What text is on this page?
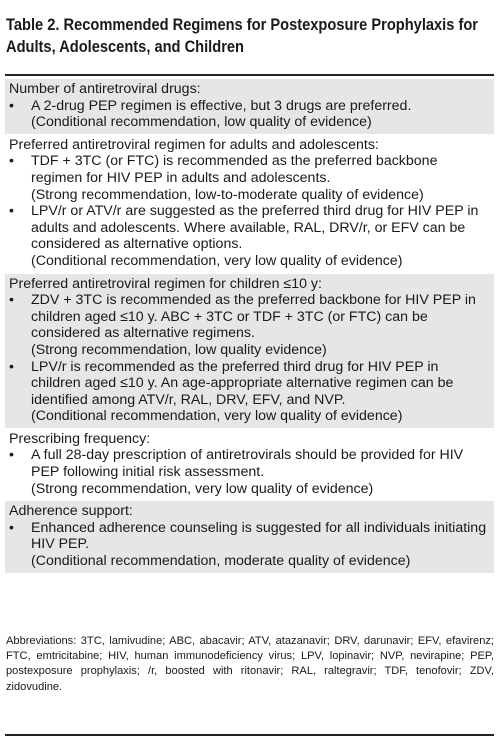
Table 2. Recommended Regimens for Postexposure Prophylaxis for Adults, Adolescents, and Children
Number of antiretroviral drugs:
•	A 2-drug PEP regimen is effective, but 3 drugs are preferred.
(Conditional recommendation, low quality of evidence)
Preferred antiretroviral regimen for adults and adolescents:
•	TDF + 3TC (or FTC) is recommended as the preferred backbone regimen for HIV PEP in adults and adolescents.
(Strong recommendation, low-to-moderate quality of evidence)
•	LPV/r or ATV/r are suggested as the preferred third drug for HIV PEP in adults and adolescents. Where available, RAL, DRV/r, or EFV can be considered as alternative options.
(Conditional recommendation, very low quality of evidence)
Preferred antiretroviral regimen for children ≤10 y:
•	ZDV + 3TC is recommended as the preferred backbone for HIV PEP in children aged ≤10 y. ABC + 3TC or TDF + 3TC (or FTC) can be considered as alternative regimens.
(Strong recommendation, low quality evidence)
•	LPV/r is recommended as the preferred third drug for HIV PEP in children aged ≤10 y. An age-appropriate alternative regimen can be identified among ATV/r, RAL, DRV, EFV, and NVP.
(Conditional recommendation, very low quality of evidence)
Prescribing frequency:
•	A full 28-day prescription of antiretrovirals should be provided for HIV PEP following initial risk assessment.
(Strong recommendation, very low quality of evidence)
Adherence support:
•	Enhanced adherence counseling is suggested for all individuals initiating HIV PEP.
(Conditional recommendation, moderate quality of evidence)
Abbreviations: 3TC, lamivudine; ABC, abacavir; ATV, atazanavir; DRV, darunavir; EFV, efavirenz; FTC, emtricitabine; HIV, human immunodeficiency virus; LPV, lopinavir; NVP, nevirapine; PEP, postexposure prophylaxis; /r, boosted with ritonavir; RAL, raltegravir; TDF, tenofovir; ZDV, zidovudine.
